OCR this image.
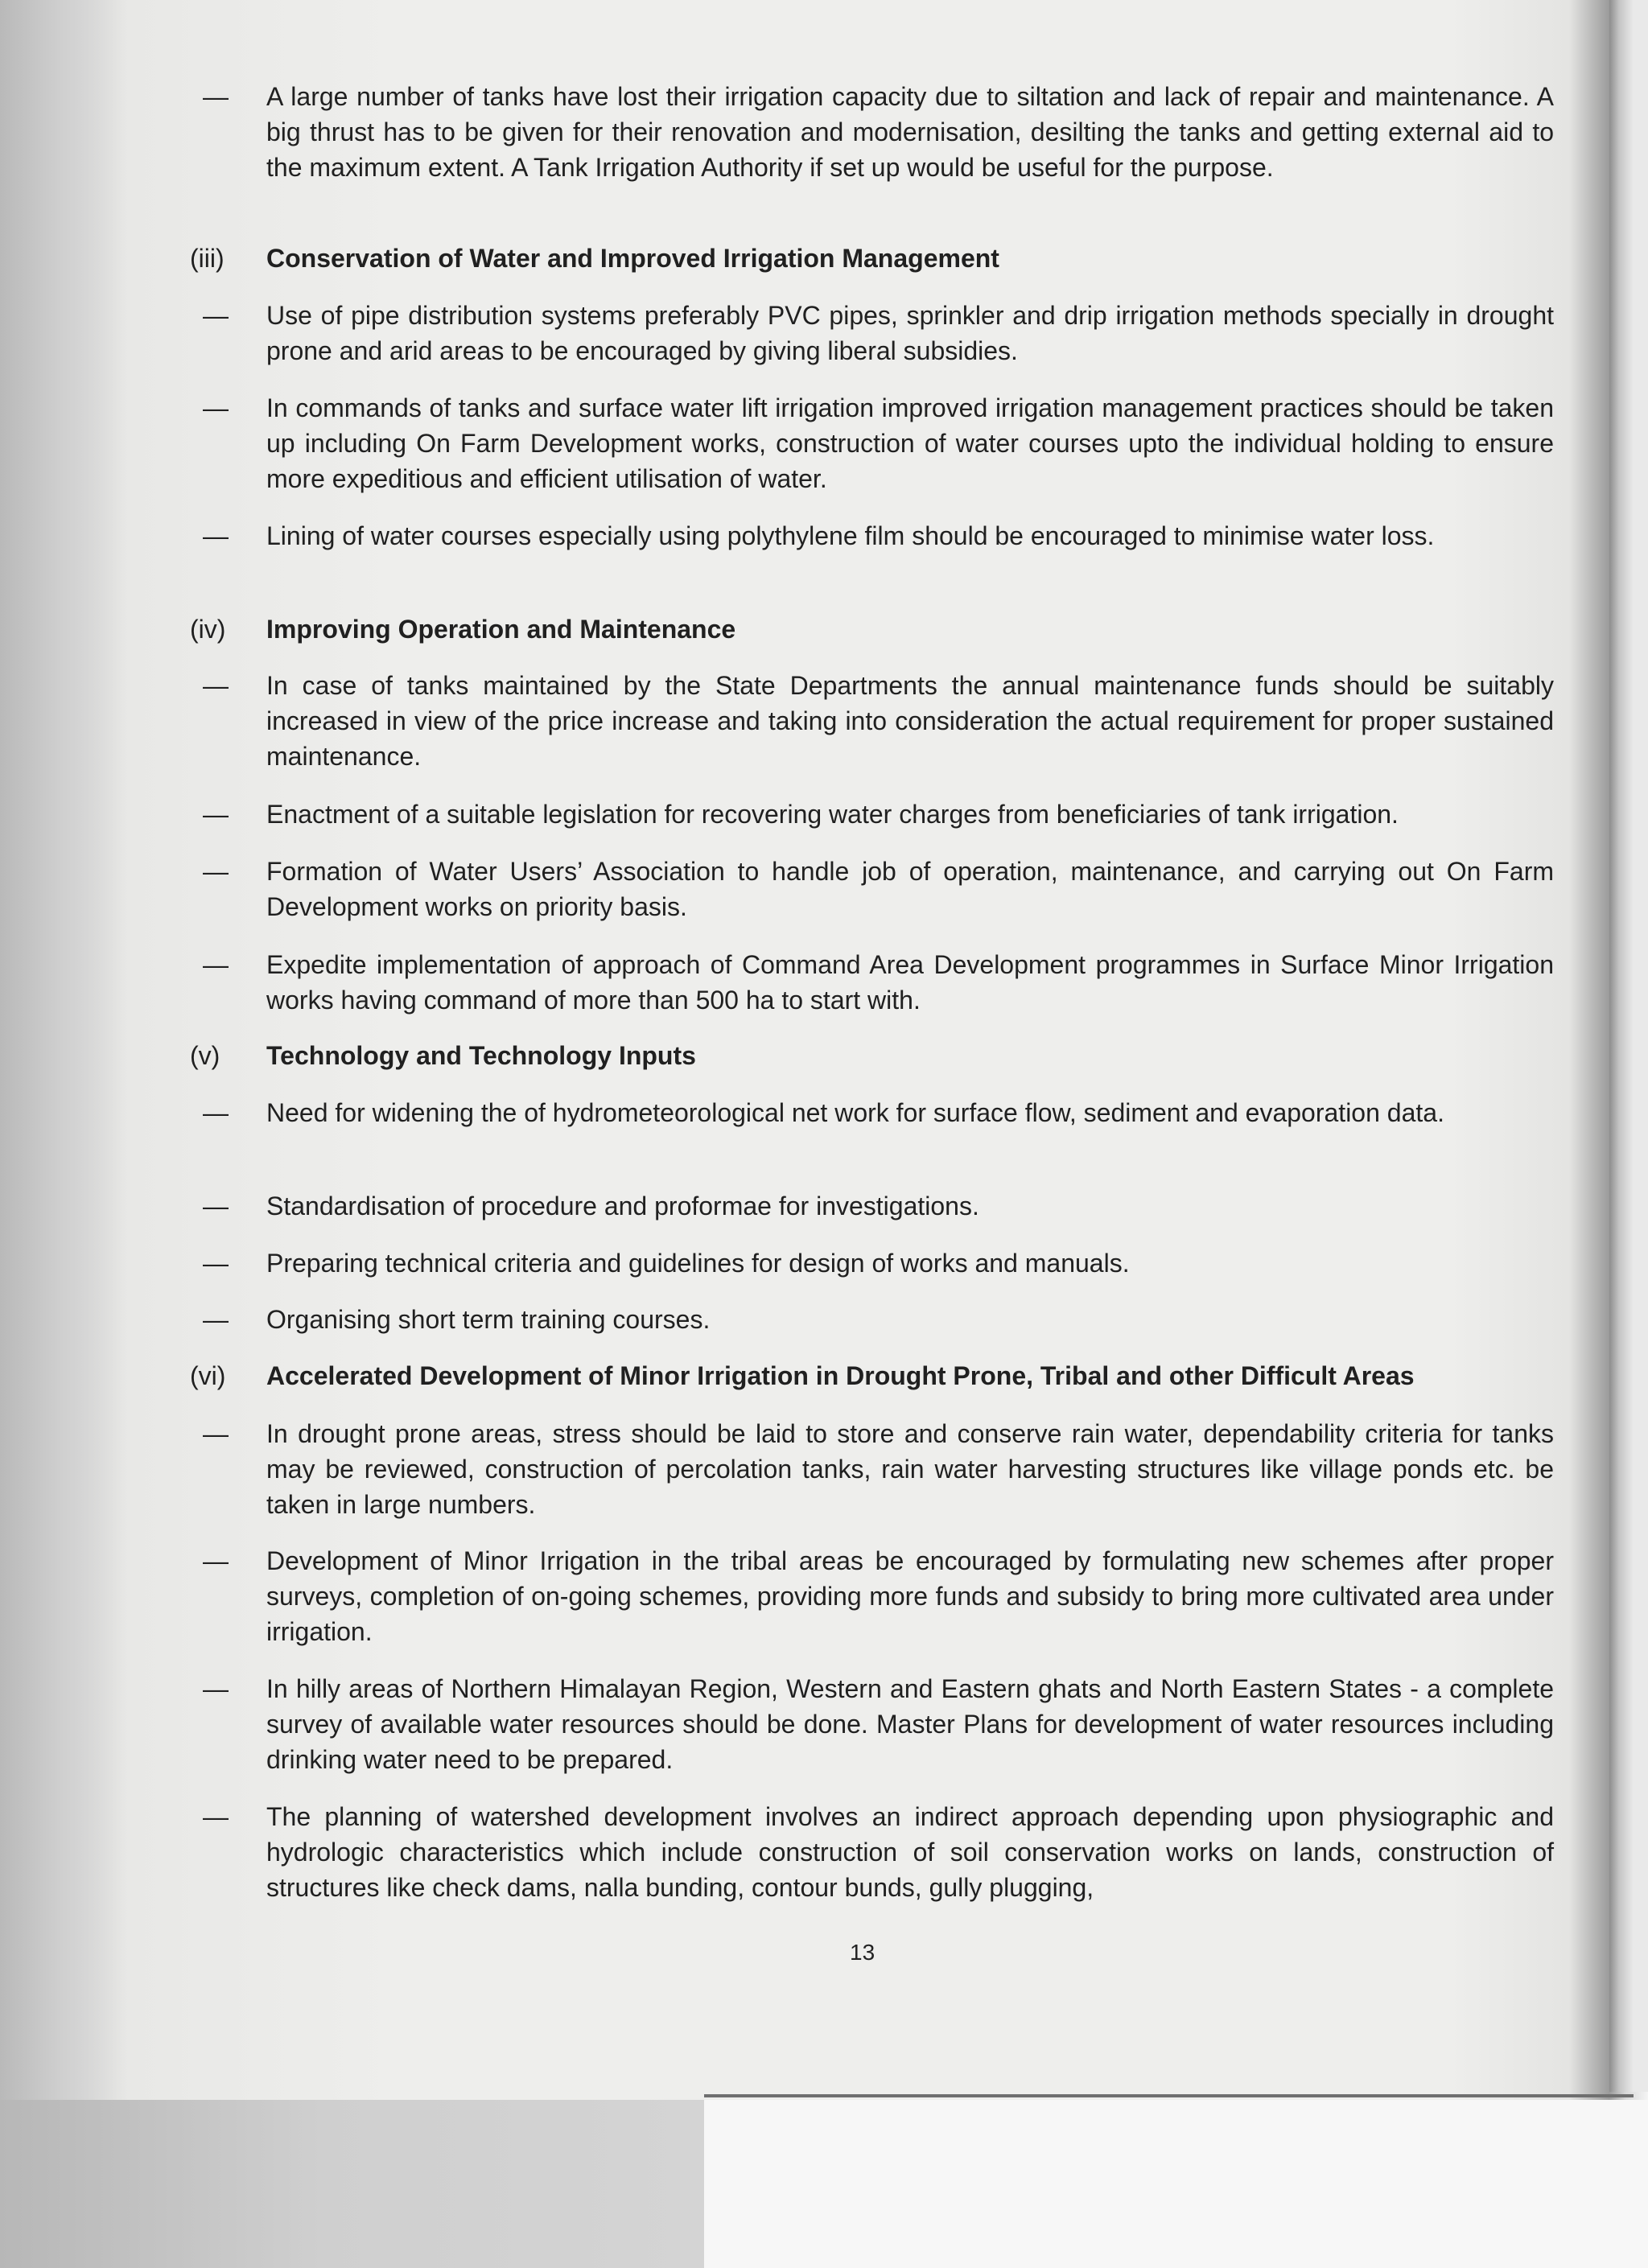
— A large number of tanks have lost their irrigation capacity due to siltation and lack of repair and maintenance. A big thrust has to be given for their renovation and modernisation, desilting the tanks and getting external aid to the maximum extent. A Tank Irrigation Authority if set up would be useful for the purpose.
(iii) Conservation of Water and Improved Irrigation Management
— Use of pipe distribution systems preferably PVC pipes, sprinkler and drip irrigation methods specially in drought prone and arid areas to be encouraged by giving liberal subsidies.
— In commands of tanks and surface water lift irrigation improved irrigation management practices should be taken up including On Farm Development works, construction of water courses upto the individual holding to ensure more expeditious and efficient utilisation of water.
— Lining of water courses especially using polythylene film should be encouraged to minimise water loss.
(iv) Improving Operation and Maintenance
— In case of tanks maintained by the State Departments the annual maintenance funds should be suitably increased in view of the price increase and taking into consideration the actual requirement for proper sustained maintenance.
— Enactment of a suitable legislation for recovering water charges from beneficiaries of tank irrigation.
— Formation of Water Users’ Association to handle job of operation, maintenance, and carrying out On Farm Development works on priority basis.
— Expedite implementation of approach of Command Area Development programmes in Surface Minor Irrigation works having command of more than 500 ha to start with.
(v) Technology and Technology Inputs
— Need for widening the of hydrometeorological net work for surface flow, sediment and evaporation data.
— Standardisation of procedure and proformae for investigations.
— Preparing technical criteria and guidelines for design of works and manuals.
— Organising short term training courses.
(vi) Accelerated Development of Minor Irrigation in Drought Prone, Tribal and other Difficult Areas
— In drought prone areas, stress should be laid to store and conserve rain water, dependability criteria for tanks may be reviewed, construction of percolation tanks, rain water harvesting structures like village ponds etc. be taken in large numbers.
— Development of Minor Irrigation in the tribal areas be encouraged by formulating new schemes after proper surveys, completion of on-going schemes, providing more funds and subsidy to bring more cultivated area under irrigation.
— In hilly areas of Northern Himalayan Region, Western and Eastern ghats and North Eastern States - a complete survey of available water resources should be done. Master Plans for development of water resources including drinking water need to be prepared.
— The planning of watershed development involves an indirect approach depending upon physiographic and hydrologic characteristics which include construction of soil conservation works on lands, construction of structures like check dams, nalla bunding, contour bunds, gully plugging,
13
